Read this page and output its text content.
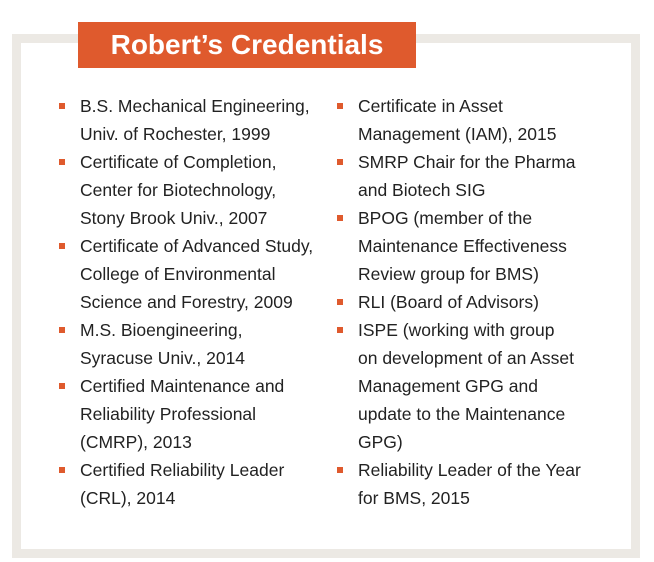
Robert’s Credentials
B.S. Mechanical Engineering,
Univ. of Rochester, 1999
Certificate of Completion,
Center for Biotechnology,
Stony Brook Univ., 2007
Certificate of Advanced Study,
College of Environmental
Science and Forestry, 2009
M.S. Bioengineering,
Syracuse Univ., 2014
Certified Maintenance and
Reliability Professional
(CMRP), 2013
Certified Reliability Leader
(CRL), 2014
Certificate in Asset
Management (IAM), 2015
SMRP Chair for the Pharma
and Biotech SIG
BPOG (member of the
Maintenance Effectiveness
Review group for BMS)
RLI (Board of Advisors)
ISPE (working with group
on development of an Asset
Management GPG and
update to the Maintenance
GPG)
Reliability Leader of the Year
for BMS, 2015
